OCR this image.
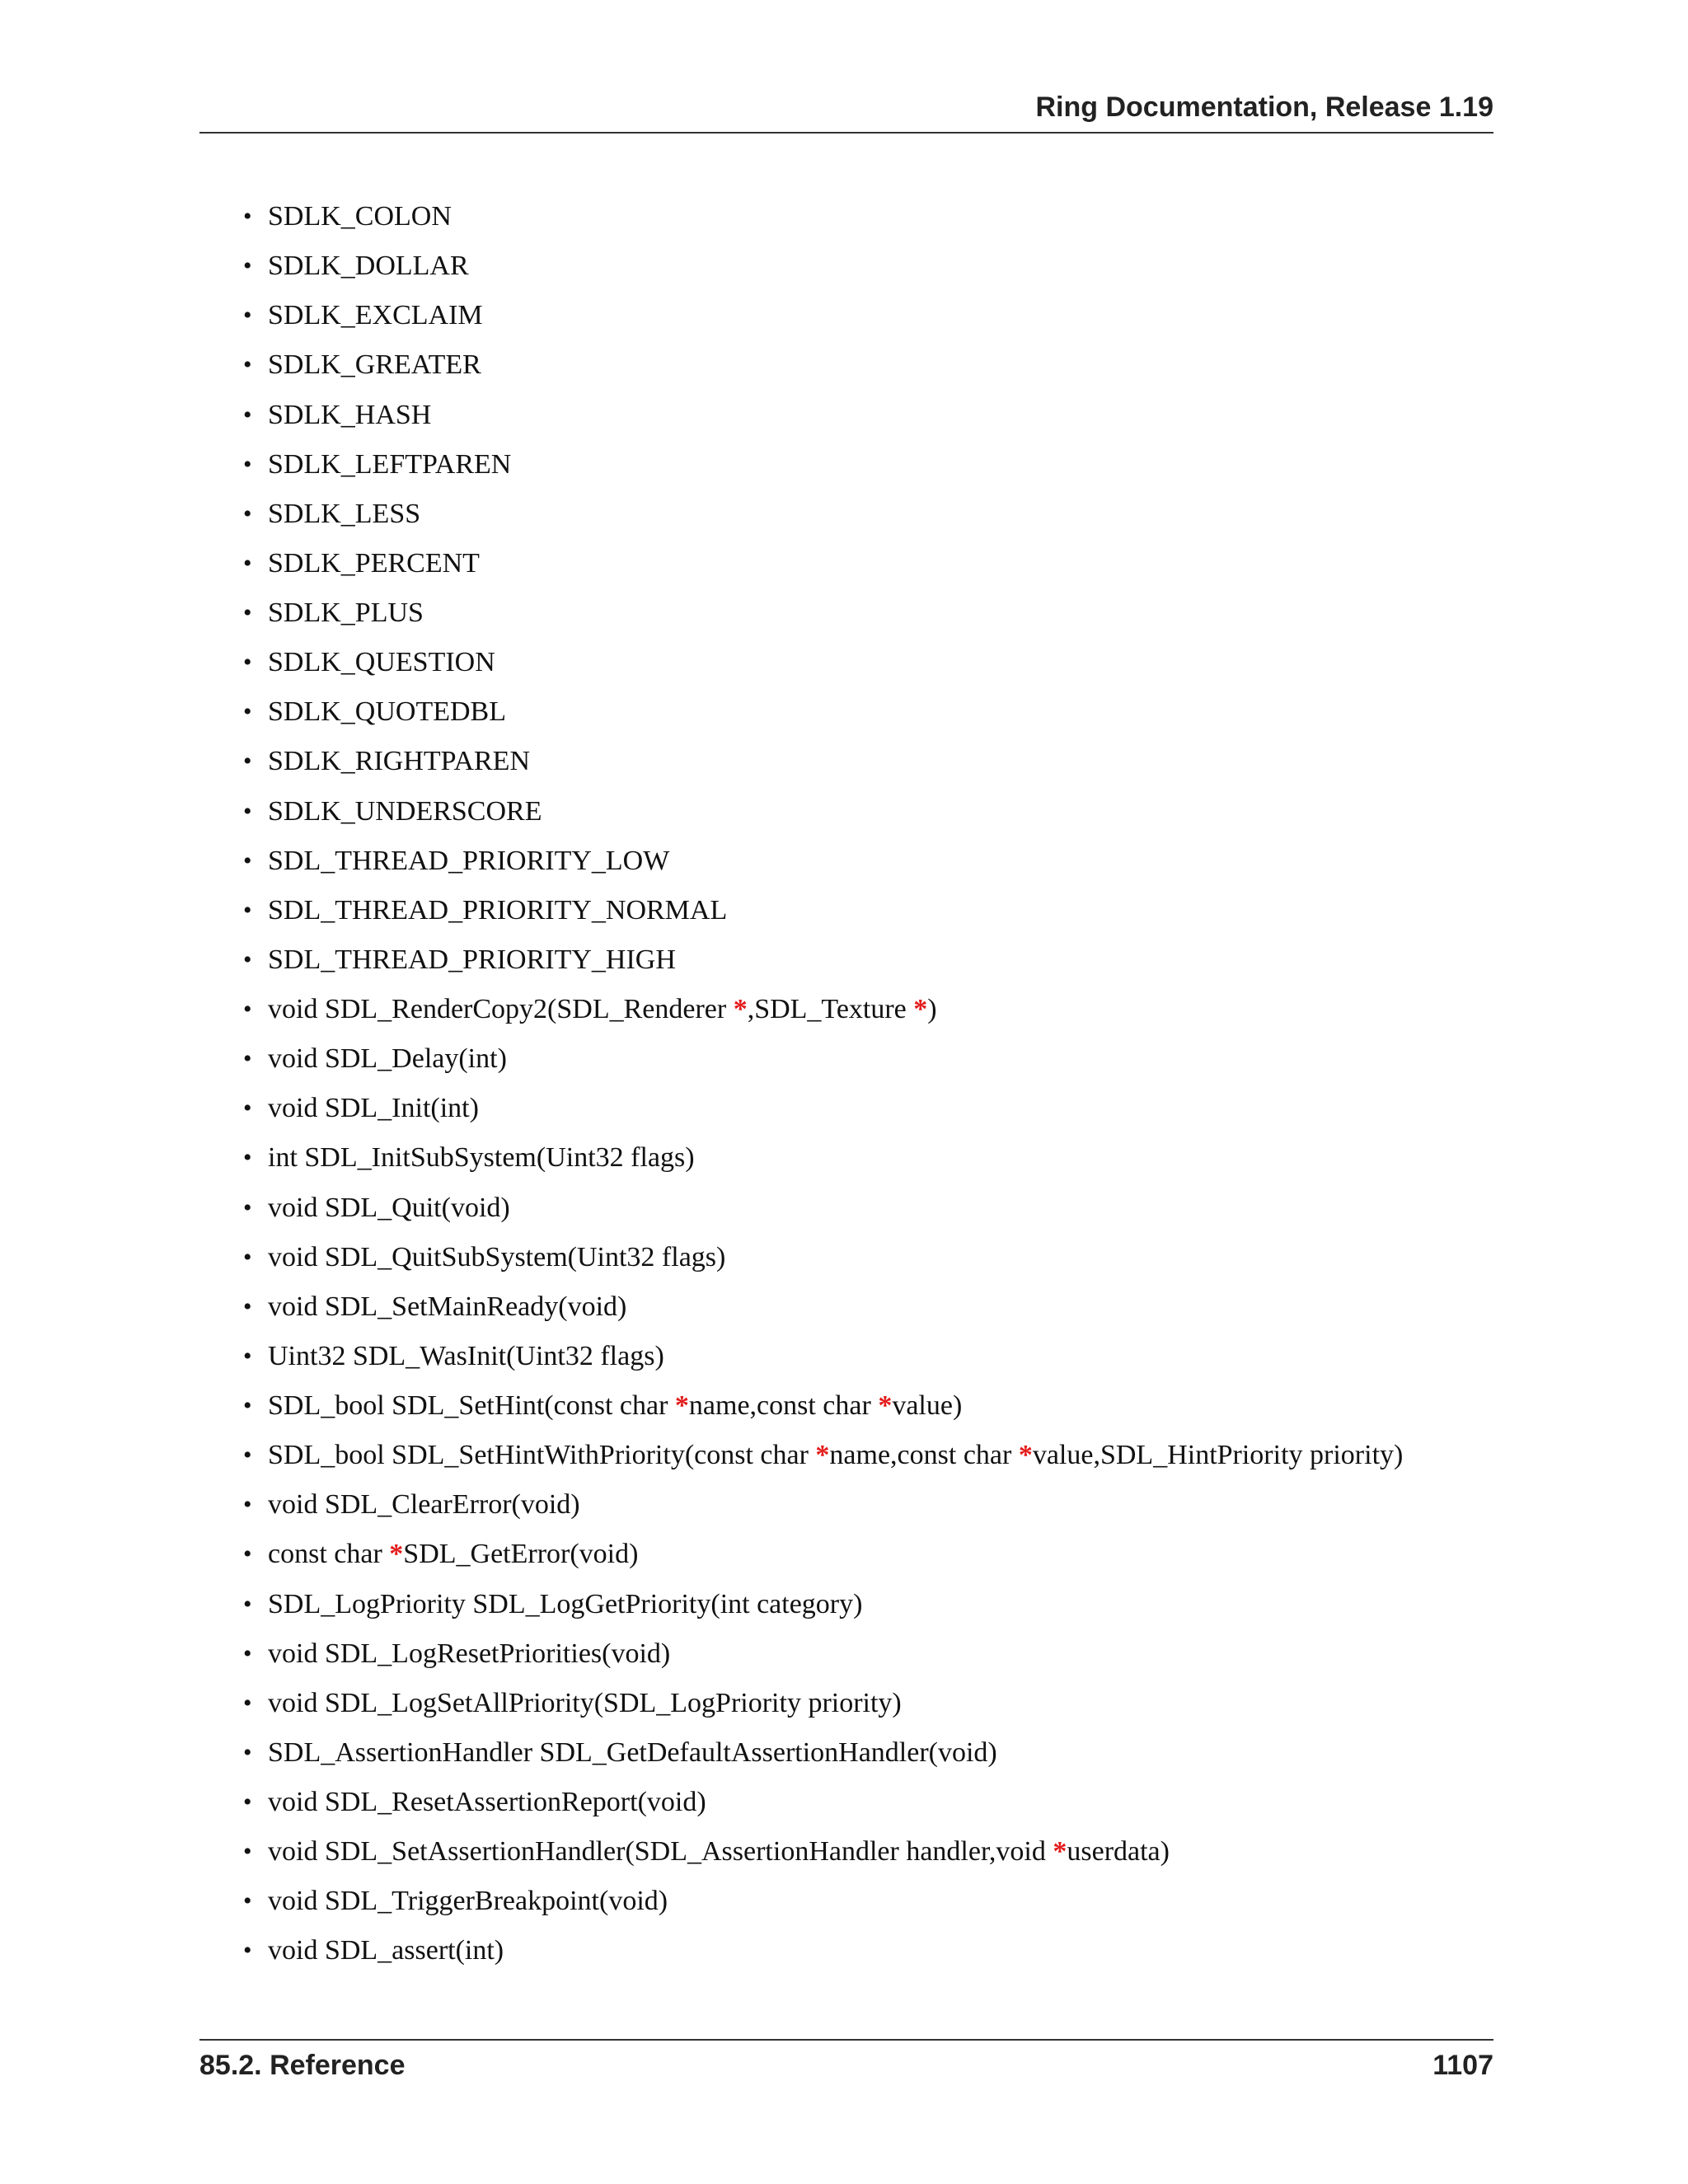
Ring Documentation, Release 1.19
• SDLK_COLON
• SDLK_DOLLAR
• SDLK_EXCLAIM
• SDLK_GREATER
• SDLK_HASH
• SDLK_LEFTPAREN
• SDLK_LESS
• SDLK_PERCENT
• SDLK_PLUS
• SDLK_QUESTION
• SDLK_QUOTEDBL
• SDLK_RIGHTPAREN
• SDLK_UNDERSCORE
• SDL_THREAD_PRIORITY_LOW
• SDL_THREAD_PRIORITY_NORMAL
• SDL_THREAD_PRIORITY_HIGH
• void SDL_RenderCopy2(SDL_Renderer *,SDL_Texture *)
• void SDL_Delay(int)
• void SDL_Init(int)
• int SDL_InitSubSystem(Uint32 flags)
• void SDL_Quit(void)
• void SDL_QuitSubSystem(Uint32 flags)
• void SDL_SetMainReady(void)
• Uint32 SDL_WasInit(Uint32 flags)
• SDL_bool SDL_SetHint(const char *name,const char *value)
• SDL_bool SDL_SetHintWithPriority(const char *name,const char *value,SDL_HintPriority priority)
• void SDL_ClearError(void)
• const char *SDL_GetError(void)
• SDL_LogPriority SDL_LogGetPriority(int category)
• void SDL_LogResetPriorities(void)
• void SDL_LogSetAllPriority(SDL_LogPriority priority)
• SDL_AssertionHandler SDL_GetDefaultAssertionHandler(void)
• void SDL_ResetAssertionReport(void)
• void SDL_SetAssertionHandler(SDL_AssertionHandler handler,void *userdata)
• void SDL_TriggerBreakpoint(void)
• void SDL_assert(int)
85.2. Reference	1107
